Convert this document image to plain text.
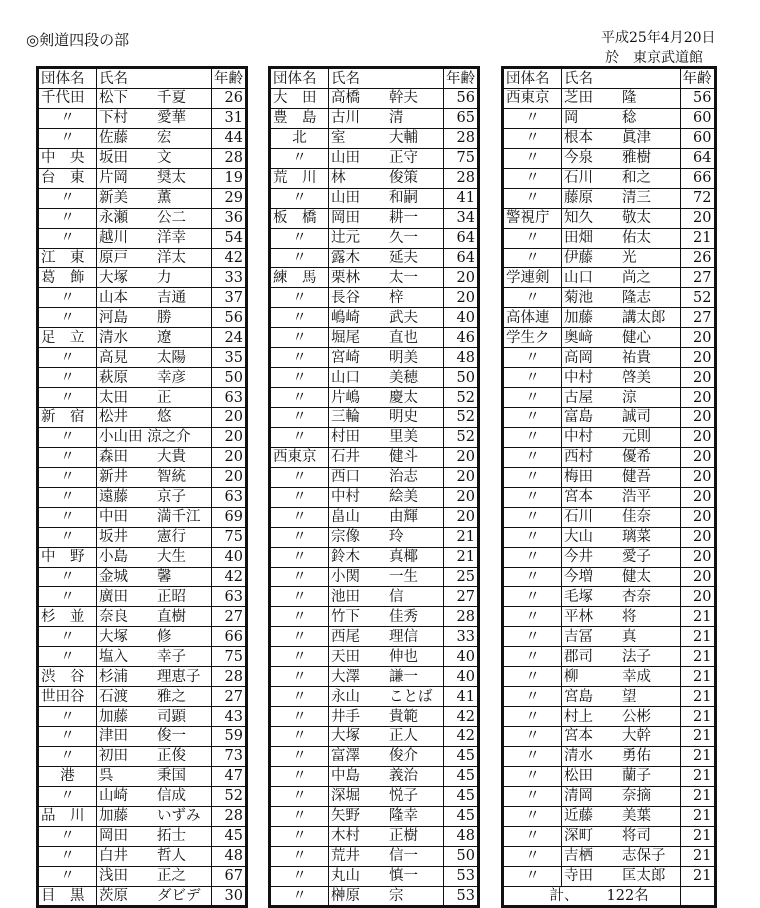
◎剣道四段の部	平成25年4月20日
於　東京武道館
団体名	氏名	年齢
千代田	松下　　千夏	26
〃	下村　　愛華	31
〃	佐藤　　宏	44
中　央	坂田　　文	28
台　東	片岡　　奨太	19
〃	新美　　薫	29
〃	永瀬　　公二	36
〃	越川　　洋幸	54
江　東	原戸　　洋太	42
葛　飾	大塚　　力	33
〃	山本　　吉通	37
〃	河島　　勝	56
足　立	清水　　遼	24
〃	高見　　太陽	35
〃	萩原　　幸彦	50
〃	太田　　正	63
新　宿	松井　　悠	20
〃	小山田 涼之介	20
〃	森田　　大貴	20
〃	新井　　智統	20
〃	遠藤　　京子	63
〃	中田　　満千江	69
〃	坂井　　憲行	75
中　野	小島　　大生	40
〃	金城　　馨	42
〃	廣田　　正昭	63
杉　並	奈良　　直樹	27
〃	大塚　　修	66
〃	塩入　　幸子	75
渋　谷	杉浦　　理恵子	28
世田谷	石渡　　雅之	27
〃	加藤　　司顕	43
〃	津田　　俊一	59
〃	初田　　正俊	73
港	呉　　　秉国	47
〃	山崎　　信成	52
品　川	加藤　　いずみ	28
〃	岡田　　拓士	45
〃	白井　　哲人	48
〃	浅田　　正之	67
目　黒	茨原　　ダビデ	30
団体名	氏名	年齢
大　田	高橋　　幹夫	56
豊　島	古川　　清	65
北	室　　　大輔	28
〃	山田　　正守	75
荒　川	林　　　俊策	28
〃	山田　　和嗣	41
板　橋	岡田　　耕一	34
〃	辻元　　久一	64
〃	露木　　延夫	64
練　馬	栗林　　太一	20
〃	長谷　　梓	20
〃	嶋崎　　武夫	40
〃	堀尾　　直也	46
〃	宮崎　　明美	48
〃	山口　　美穂	50
〃	片嶋　　慶太	52
〃	三輪　　明史	52
〃	村田　　里美	52
西東京	石井　　健斗	20
〃	西口　　治志	20
〃	中村　　絵美	20
〃	畠山　　由輝	20
〃	宗像　　玲	21
〃	鈴木　　真椰	21
〃	小関　　一生	25
〃	池田　　信	27
〃	竹下　　佳秀	28
〃	西尾　　理信	33
〃	天田　　伸也	40
〃	大澤　　謙一	40
〃	永山　　ことば	41
〃	井手　　貴範	42
〃	大塚　　正人	42
〃	富澤　　俊介	45
〃	中島　　義治	45
〃	深堀　　悦子	45
〃	矢野　　隆幸	45
〃	木村　　正樹	48
〃	荒井　　信一	50
〃	丸山　　慎一	53
〃	榊原　　宗	53
団体名	氏名	年齢
西東京	芝田　　隆	56
〃	岡　　　稔	60
〃	根本　　眞津	60
〃	今泉　　雅樹	64
〃	石川　　和之	66
〃	藤原　　清三	72
警視庁	知久　　敬太	20
〃	田畑　　佑太	21
〃	伊藤　　光	26
学連剣	山口　　尚之	27
〃	菊池　　隆志	52
高体連	加藤　　講太郎	27
学生ク	奥﨑　　健心	20
〃	高岡　　祐貴	20
〃	中村　　啓美	20
〃	古屋　　涼	20
〃	富島　　誠司	20
〃	中村　　元則	20
〃	西村　　優希	20
〃	梅田　　健吾	20
〃	宮本　　浩平	20
〃	石川　　佳奈	20
〃	大山　　璃菜	20
〃	今井　　愛子	20
〃	今増　　健太	20
〃	毛塚　　杏奈	20
〃	平林　　将	21
〃	吉冨　　真	21
〃	郡司　　法子	21
〃	柳　　　幸成	21
〃	宮島　　望	21
〃	村上　　公彬	21
〃	宮本　　大幹	21
〃	清水　　勇佑	21
〃	松田　　蘭子	21
〃	清岡　　奈摘	21
〃	近藤　　美葉	21
〃	深町　　将司	21
〃	吉栖　　志保子	21
〃	寺田　　匡太郎	21
	計、 122名	
